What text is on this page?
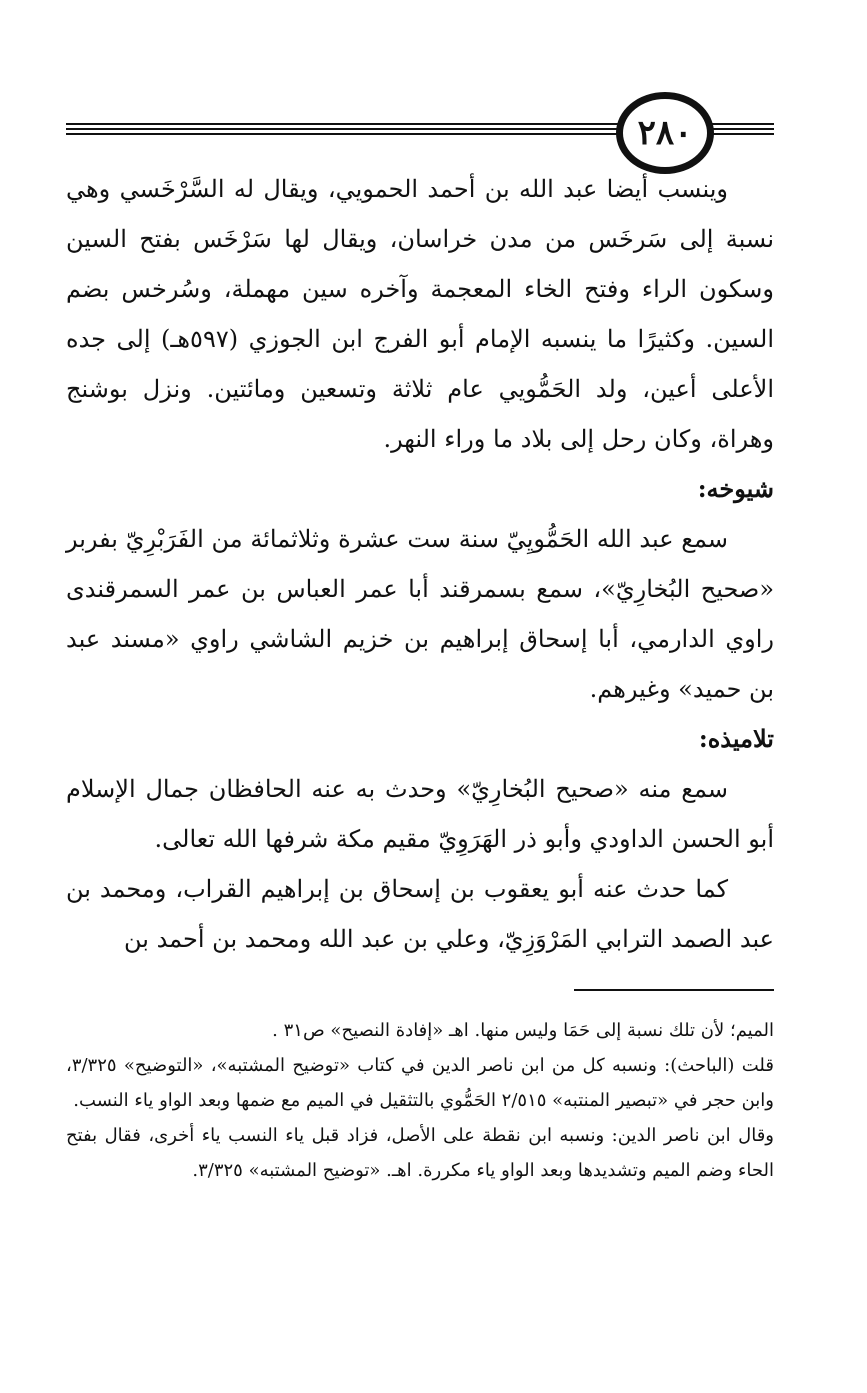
٢٨٠

وينسب أيضا عبد الله بن أحمد الحمويي، ويقال له السَّرْخَسي وهي نسبة إلى سَرخَس من مدن خراسان، ويقال لها سَرْخَس بفتح السين وسكون الراء وفتح الخاء المعجمة وآخره سين مهملة، وسُرخس بضم السين. وكثيرًا ما ينسبه الإمام أبو الفرج ابن الجوزي (٥٩٧هـ) إلى جده الأعلى أعين، ولد الحَمُّويي عام ثلاثة وتسعين ومائتين. ونزل بوشنج وهراة، وكان رحل إلى بلاد ما وراء النهر.

شيوخه:

سمع عبد الله الحَمُّويِيّ سنة ست عشرة وثلاثمائة من الفَرَبْرِيّ بفربر «صحيح البُخارِيّ»، سمع بسمرقند أبا عمر العباس بن عمر السمرقندى راوي الدارمي، أبا إسحاق إبراهيم بن خزيم الشاشي راوي «مسند عبد بن حميد» وغيرهم.

تلاميذه:

سمع منه «صحيح البُخارِيّ» وحدث به عنه الحافظان جمال الإسلام أبو الحسن الداودي وأبو ذر الهَرَوِيّ مقيم مكة شرفها الله تعالى.

كما حدث عنه أبو يعقوب بن إسحاق بن إبراهيم القراب، ومحمد بن عبد الصمد الترابي المَرْوَزِيّ، وعلي بن عبد الله ومحمد بن أحمد بن

الميم؛ لأن تلك نسبة إلى حَمَا وليس منها. اهـ «إفادة النصيح» ص٣١ .

قلت (الباحث): ونسبه كل من ابن ناصر الدين في كتاب «توضيح المشتبه»، «التوضيح» ٣/٣٢٥، وابن حجر في «تبصير المنتبه» ٢/٥١٥ الحَمُّوي بالتثقيل في الميم مع ضمها وبعد الواو ياء النسب.

وقال ابن ناصر الدين: ونسبه ابن نقطة على الأصل، فزاد قبل ياء النسب ياء أخرى، فقال بفتح الحاء وضم الميم وتشديدها وبعد الواو ياء مكررة. اهـ. «توضيح المشتبه» ٣/٣٢٥.
